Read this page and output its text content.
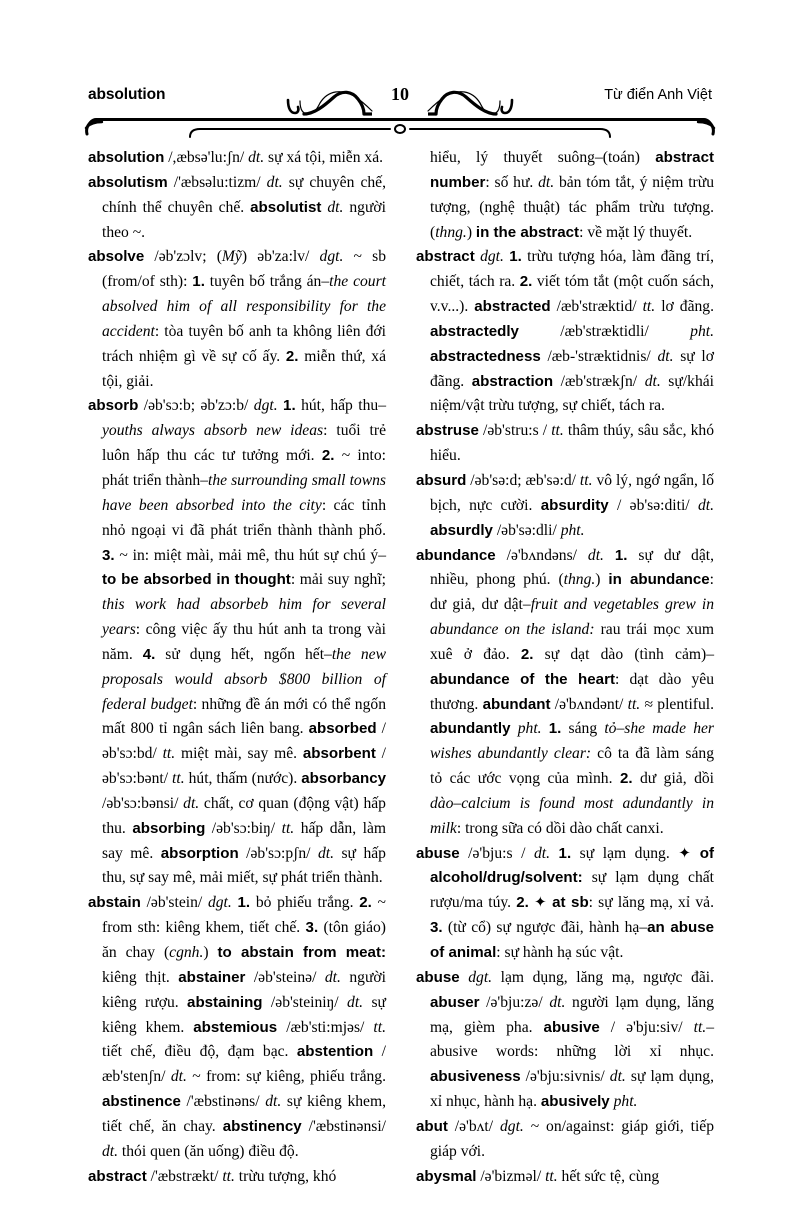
absolution	10	Từ điển Anh Việt

absolution /,æbsə'lu:ʃn/ dt. sự xá tội, miễn xá.

absolutism /'æbsəlu:tizm/ dt. sự chuyên chế, chính thể chuyên chế. absolutist dt. người theo ~.

absolve /əb'zɔlv; (Mỹ) əb'za:lv/ dgt. ~ sb (from/of sth): 1. tuyên bố trắng án–the court absolved him of all responsibility for the accident: tòa tuyên bố anh ta không liên đới trách nhiệm gì về sự cố ấy. 2. miễn thứ, xá tội, giải.

absorb /əb'sɔ:b; əb'zɔ:b/ dgt. 1. hút, hấp thu–youths always absorb new ideas: tuổi trẻ luôn hấp thu các tư tưởng mới. 2. ~ into: phát triển thành–the surrounding small towns have been absorbed into the city: các tỉnh nhỏ ngoại vi đã phát triển thành thành phố. 3. ~ in: miệt mài, mải mê, thu hút sự chú ý–to be absorbed in thought: mải suy nghĩ; this work had absorbeb him for several years: công việc ấy thu hút anh ta trong vài năm. 4. sử dụng hết, ngốn hết–the new proposals would absorb $800 billion of federal budget: những đề án mới có thể ngốn mất 800 tỉ ngân sách liên bang. absorbed /əb'sɔ:bd/ tt. miệt mài, say mê. absorbent /əb'sɔ:bənt/ tt. hút, thấm (nước). absorbancy /əb'sɔ:bənsi/ dt. chất, cơ quan (động vật) hấp thu. absorbing /əb'sɔ:biŋ/ tt. hấp dẫn, làm say mê. absorption /əb'sɔ:pʃn/ dt. sự hấp thu, sự say mê, mải miết, sự phát triển thành.

abstain /əb'stein/ dgt. 1. bỏ phiếu trắng. 2. ~ from sth: kiêng khem, tiết chế. 3. (tôn giáo) ăn chay (cgnh.) to abstain from meat: kiêng thịt. abstainer /əb'steinə/ dt. người kiêng rượu. abstaining /əb'steiniŋ/ dt. sự kiêng khem. abstemious /æb'sti:mjəs/ tt. tiết chế, điều độ, đạm bạc. abstention /æb'stenʃn/ dt. ~ from: sự kiêng, phiếu trắng. abstinence /'æbstinəns/ dt. sự kiêng khem, tiết chế, ăn chay. abstinency /'æbstinənsi/ dt. thói quen (ăn uống) điều độ.

abstract /'æbstrækt/ tt. trừu tượng, khó

hiểu, lý thuyết suông–(toán) abstract number: số hư. dt. bản tóm tắt, ý niệm trừu tượng, (nghệ thuật) tác phẩm trừu tượng. (thng.) in the abstract: về mặt lý thuyết.

abstract dgt. 1. trừu tượng hóa, làm đãng trí, chiết, tách ra. 2. viết tóm tắt (một cuốn sách, v.v...). abstracted /æb'stræktid/ tt. lơ đãng. abstractedly /æb'stræktidli/ pht. abstractedness /æb-'stræktidnis/ dt. sự lơ đãng. abstraction /æb'strækʃn/ dt. sự/khái niệm/vật trừu tượng, sự chiết, tách ra.

abstruse /əb'stru:s / tt. thâm thúy, sâu sắc, khó hiểu.

absurd /əb'sə:d; æb'sə:d/ tt. vô lý, ngớ ngẩn, lố bịch, nực cười. absurdity / əb'sə:diti/ dt. absurdly /əb'sə:dli/ pht.

abundance /ə'bʌndəns/ dt. 1. sự dư dật, nhiều, phong phú. (thng.) in abundance: dư giả, dư dật–fruit and vegetables grew in abundance on the island: rau trái mọc xum xuê ở đảo. 2. sự dạt dào (tình cảm)–abundance of the heart: dạt dào yêu thương. abundant /ə'bʌndənt/ tt. ≈ plentiful. abundantly pht. 1. sáng tỏ–she made her wishes abundantly clear: cô ta đã làm sáng tỏ các ước vọng của mình. 2. dư giả, dồi dào–calcium is found most adundantly in milk: trong sữa có dồi dào chất canxi.

abuse /ə'bju:s / dt. 1. sự lạm dụng. ✦ of alcohol/drug/solvent: sự lạm dụng chất rượu/ma túy. 2. ✦ at sb: sự lăng mạ, xỉ vả. 3. (từ cổ) sự ngược đãi, hành hạ–an abuse of animal: sự hành hạ súc vật.

abuse dgt. lạm dụng, lăng mạ, ngược đãi. abuser /ə'bju:zə/ dt. người lạm dụng, lăng mạ, gièm pha. abusive / ə'bju:siv/ tt.–abusive words: những lời xỉ nhục. abusiveness /ə'bju:sivnis/ dt. sự lạm dụng, xỉ nhục, hành hạ. abusively pht.

abut /ə'bʌt/ dgt. ~ on/against: giáp giới, tiếp giáp với.

abysmal /ə'bizməl/ tt. hết sức tệ, cùng
